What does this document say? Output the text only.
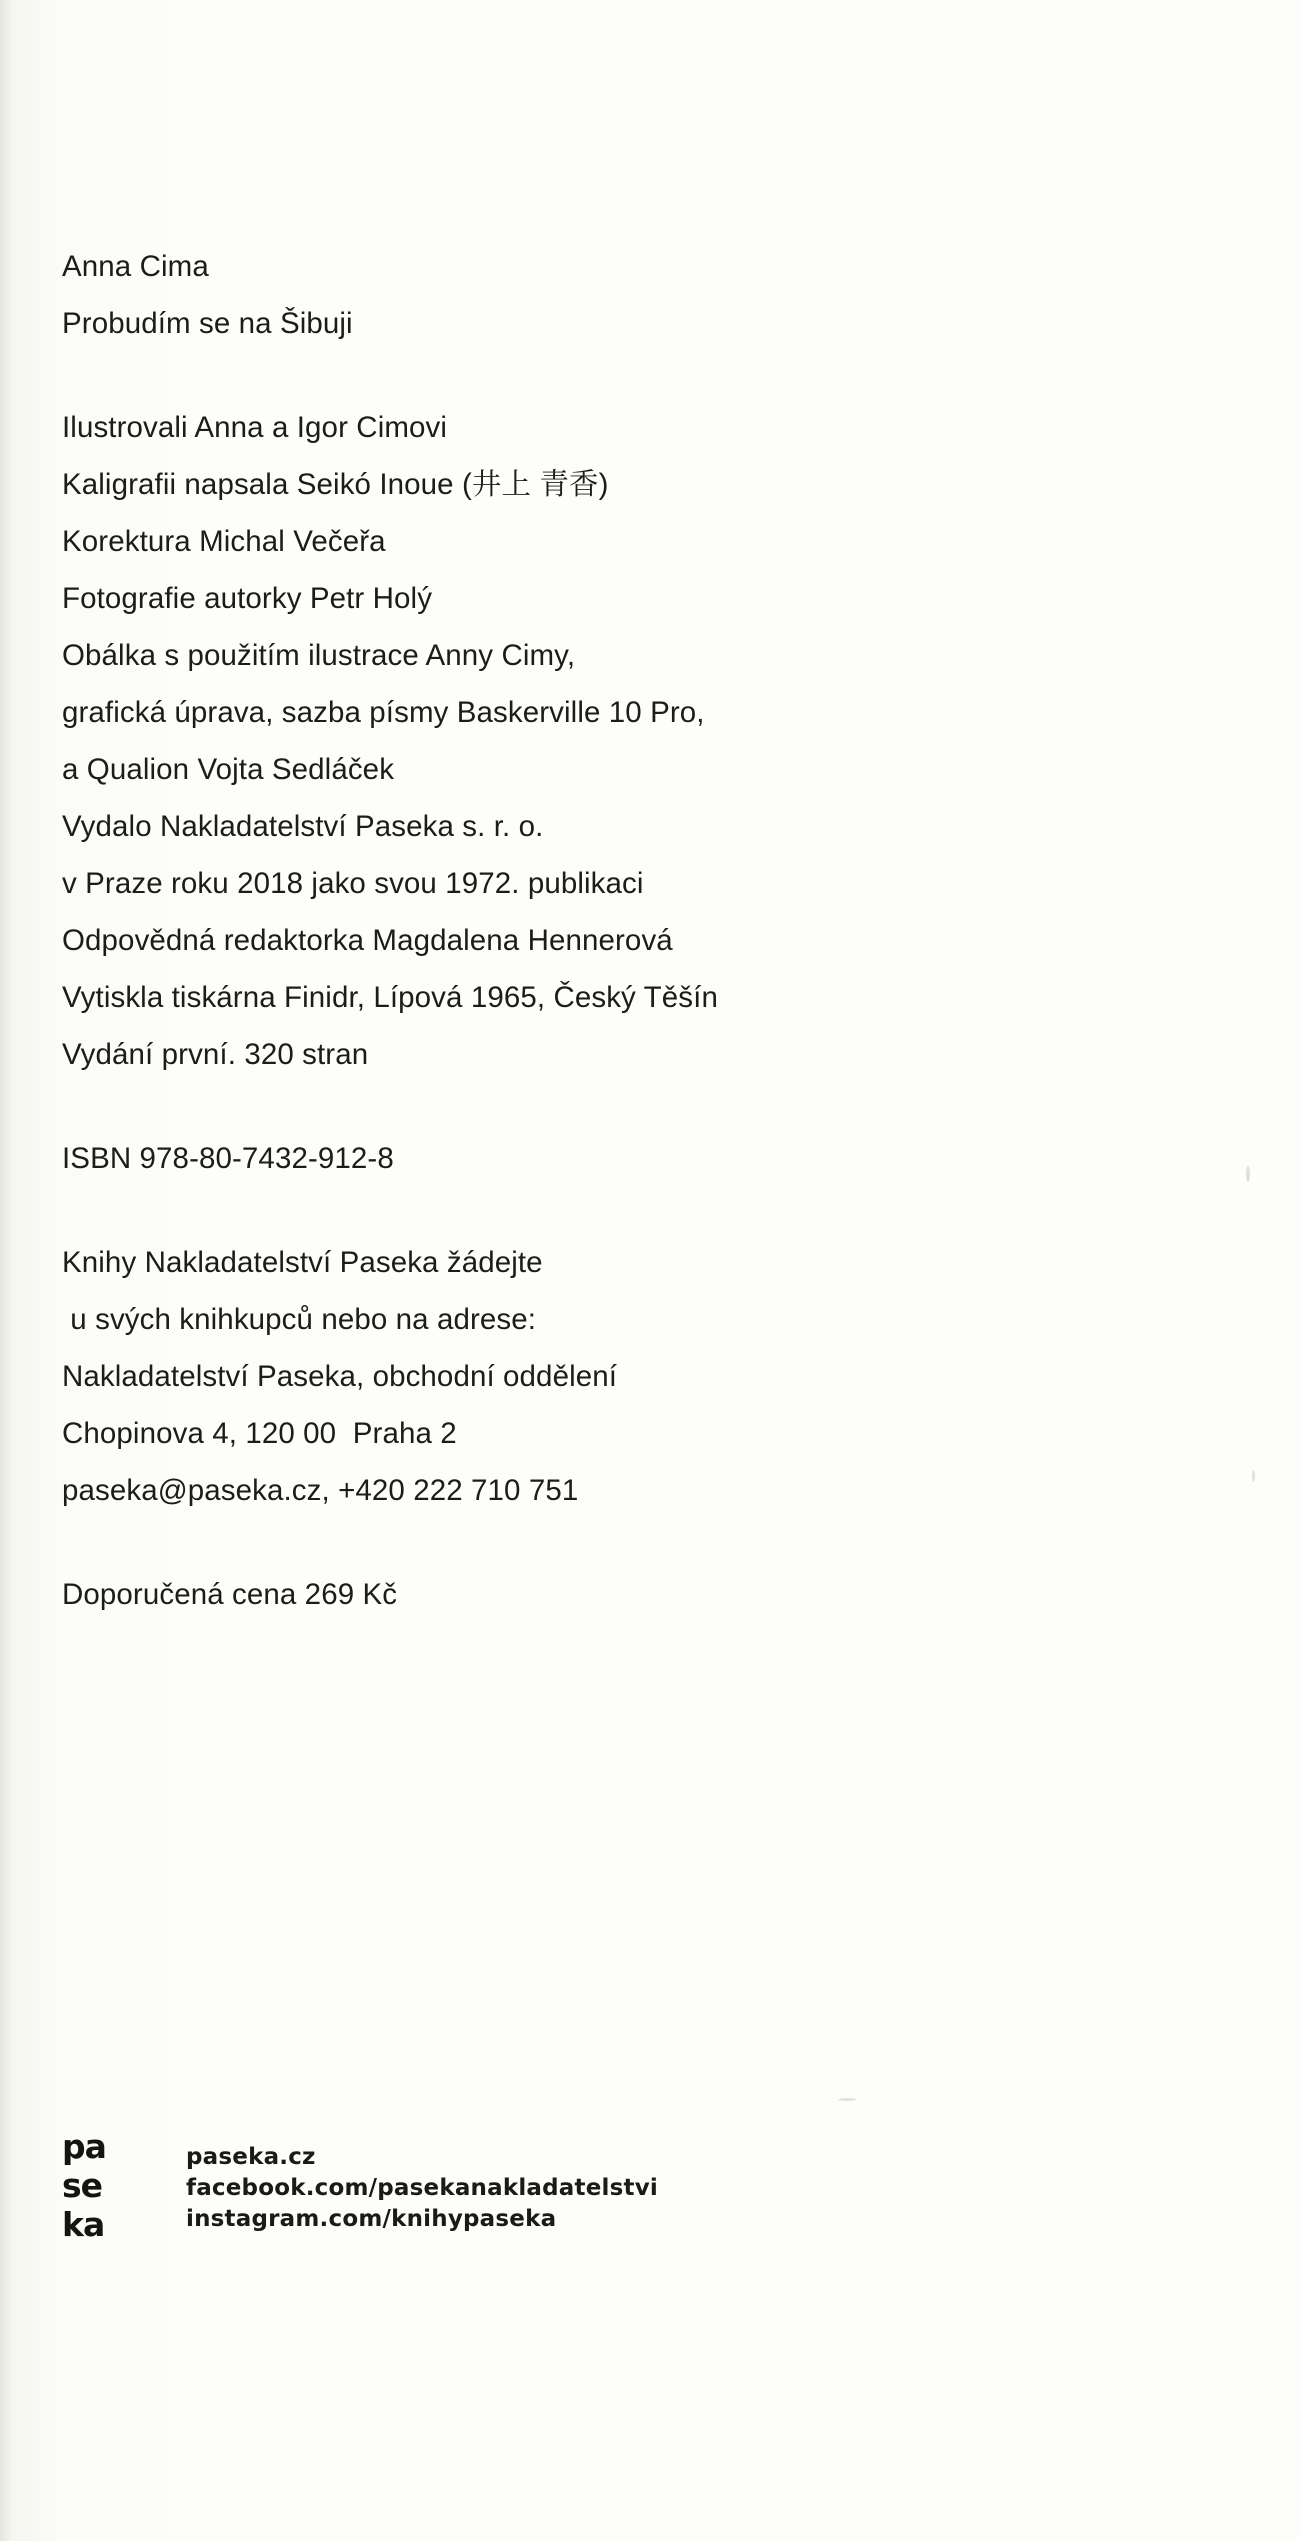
Anna Cima
Probudím se na Šibuji
Ilustrovali Anna a Igor Cimovi
Kaligrafii napsala Seikó Inoue (井上 青香)
Korektura Michal Večeřa
Fotografie autorky Petr Holý
Obálka s použitím ilustrace Anny Cimy,
grafická úprava, sazba písmy Baskerville 10 Pro,
a Qualion Vojta Sedláček
Vydalo Nakladatelství Paseka s. r. o.
v Praze roku 2018 jako svou 1972. publikaci
Odpovědná redaktorka Magdalena Hennerová
Vytiskla tiskárna Finidr, Lípová 1965, Český Těšín
Vydání první. 320 stran
ISBN 978-80-7432-912-8
Knihy Nakladatelství Paseka žádejte
u svých knihkupců nebo na adrese:
Nakladatelství Paseka, obchodní oddělení
Chopinova 4, 120 00  Praha 2
paseka@paseka.cz, +420 222 710 751
Doporučená cena 269 Kč
pa
se
ka
paseka.cz
facebook.com/pasekanakladatelstvi
instagram.com/knihypaseka
